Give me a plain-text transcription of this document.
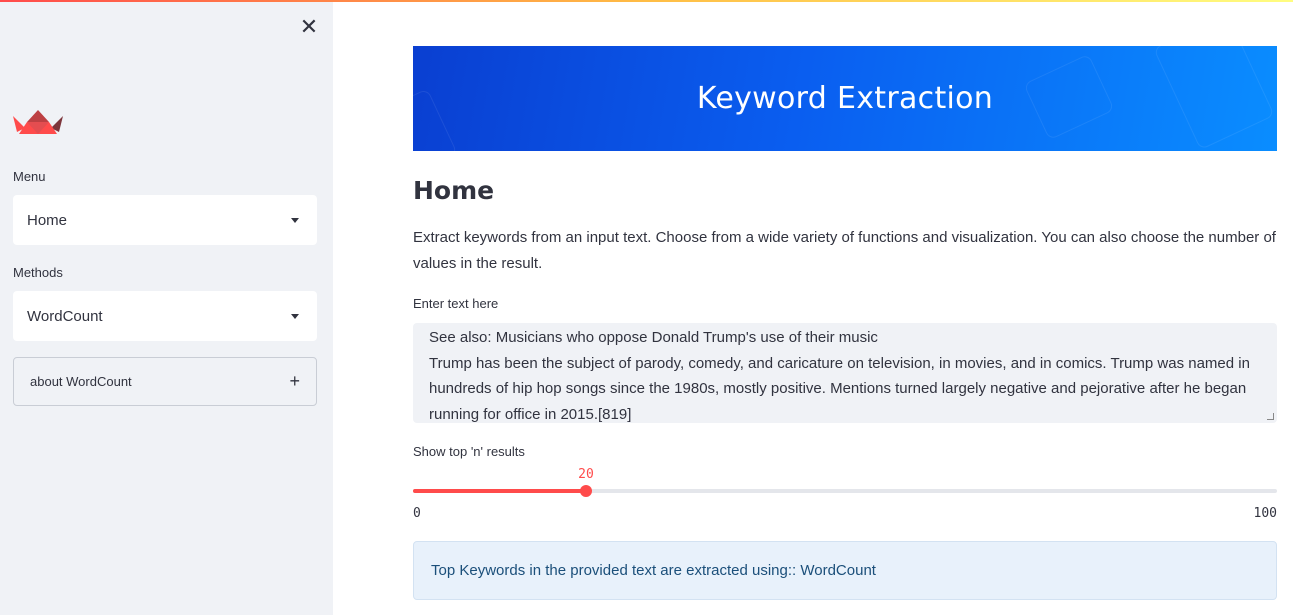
✕
Menu
Home
Methods
WordCount
about WordCount	+
Keyword Extraction
Home

Extract keywords from an input text. Choose from a wide variety of functions and visualization. You can also choose the number of values in the result.

Enter text here
See also: Musicians who oppose Donald Trump's use of their music
Trump has been the subject of parody, comedy, and caricature on television, in movies, and in comics. Trump was named in hundreds of hip hop songs since the 1980s, mostly positive. Mentions turned largely negative and pejorative after he began running for office in 2015.[819]
Show top 'n' results
20
0	100
Top Keywords in the provided text are extracted using:: WordCount
